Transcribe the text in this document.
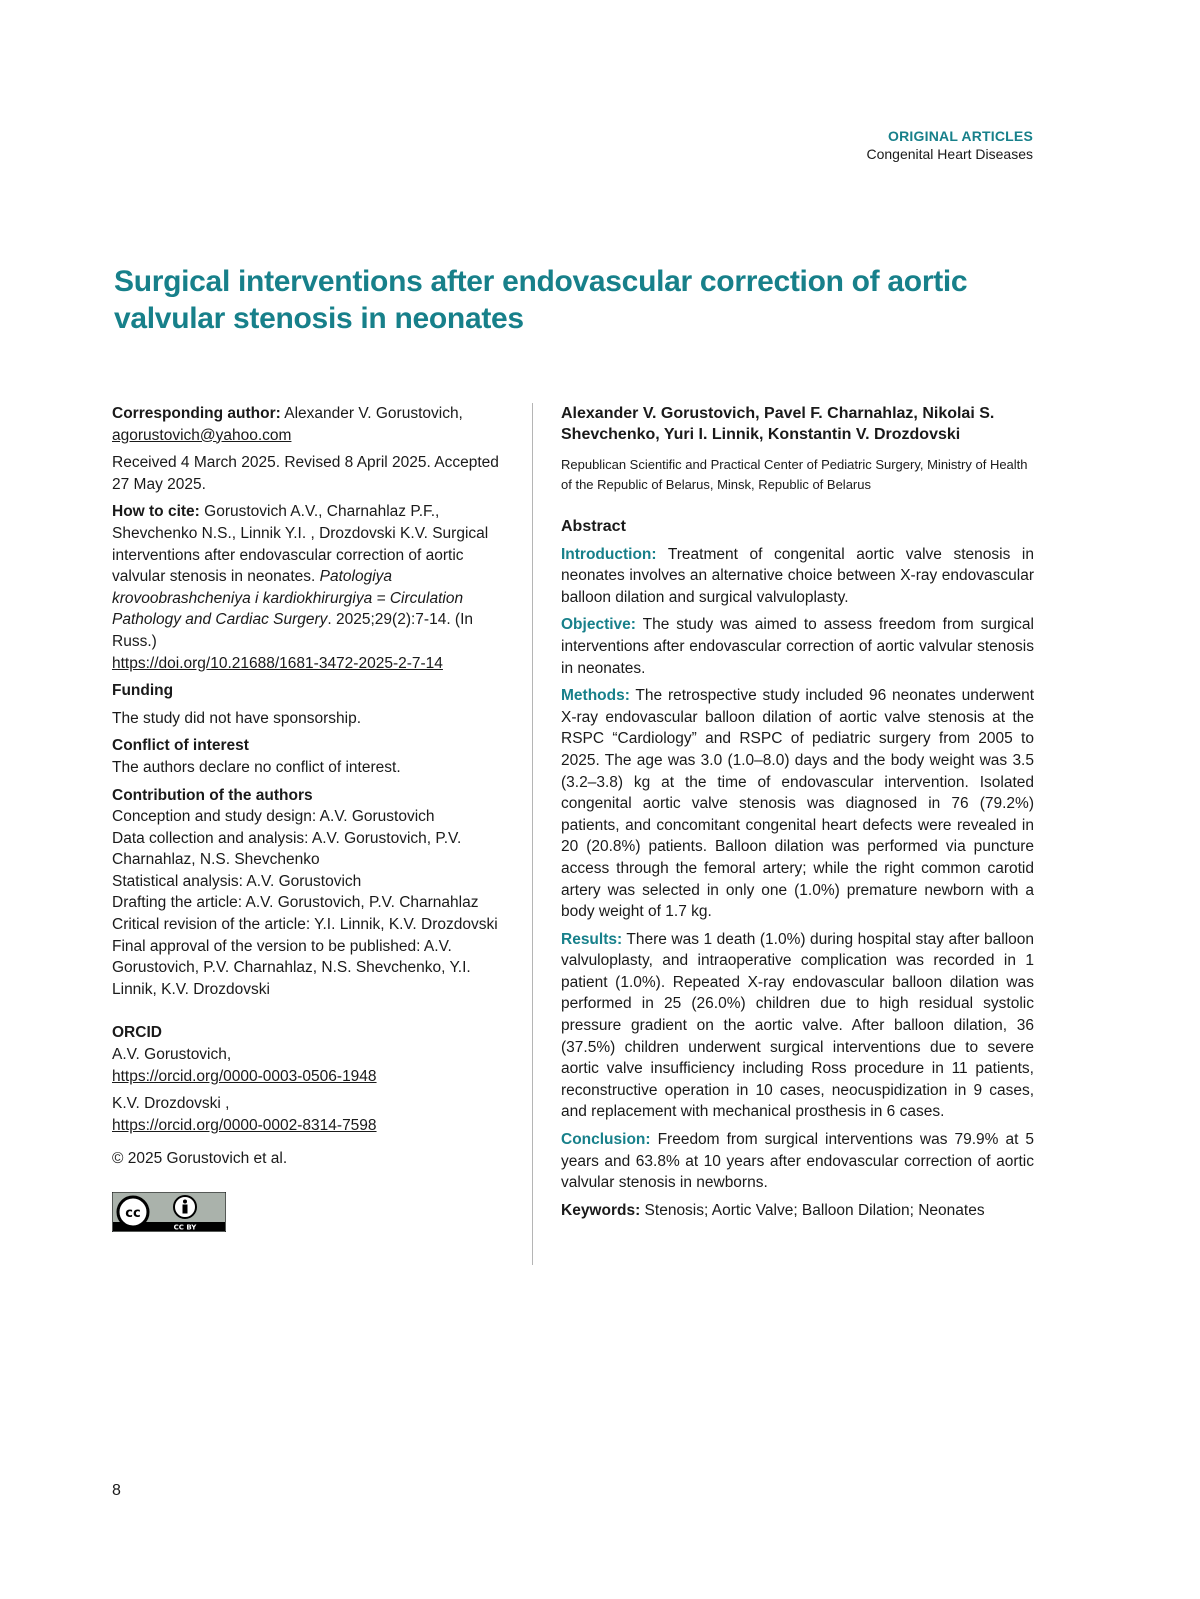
ORIGINAL ARTICLES
Congenital Heart Diseases
Surgical interventions after endovascular correction of aortic valvular stenosis in neonates

Corresponding author: Alexander V. Gorustovich, agorustovich@yahoo.com

Received 4 March 2025. Revised 8 April 2025. Accepted 27 May 2025.

How to cite: Gorustovich A.V., Charnahlaz P.F., Shevchenko N.S., Linnik Y.I. , Drozdovski K.V. Surgical interventions after endovascular correction of aortic valvular stenosis in neonates. Patologiya krovoobrashcheniya i kardiokhirurgiya = Circulation Pathology and Cardiac Surgery. 2025;29(2):7-14. (In Russ.)
https://doi.org/10.21688/1681-3472-2025-2-7-14

Funding

The study did not have sponsorship.

Conflict of interest

The authors declare no conflict of interest.

Contribution of the authors

Conception and study design: A.V. Gorustovich

Data collection and analysis: A.V. Gorustovich, P.V. Charnahlaz, N.S. Shevchenko

Statistical analysis: A.V. Gorustovich

Drafting the article: A.V. Gorustovich, P.V. Charnahlaz

Critical revision of the article: Y.I. Linnik, K.V. Drozdovski

Final approval of the version to be published: A.V. Gorustovich, P.V. Charnahlaz, N.S. Shevchenko, Y.I. Linnik, K.V. Drozdovski

ORCID

A.V. Gorustovich,

https://orcid.org/0000-0003-0506-1948

K.V. Drozdovski ,

https://orcid.org/0000-0002-8314-7598

© 2025 Gorustovich et al.

cc
CC BY
Alexander V. Gorustovich, Pavel F. Charnahlaz, Nikolai S. Shevchenko, Yuri I. Linnik, Konstantin V. Drozdovski
Republican Scientific and Practical Center of Pediatric Surgery, Ministry of Health of the Republic of Belarus, Minsk, Republic of Belarus
Abstract

Introduction: Treatment of congenital aortic valve stenosis in neonates involves an alternative choice between X-ray endovascular balloon dilation and surgical valvuloplasty.

Objective: The study was aimed to assess freedom from surgical interventions after endovascular correction of aortic valvular stenosis in neonates.

Methods: The retrospective study included 96 neonates underwent X-ray endovascular balloon dilation of aortic valve stenosis at the RSPC “Cardiology” and RSPC of pediatric surgery from 2005 to 2025. The age was 3.0 (1.0–8.0) days and the body weight was 3.5 (3.2–3.8) kg at the time of endovascular intervention. Isolated congenital aortic valve stenosis was diagnosed in 76 (79.2%) patients, and concomitant congenital heart defects were revealed in 20 (20.8%) patients. Balloon dilation was performed via puncture access through the femoral artery; while the right common carotid artery was selected in only one (1.0%) premature newborn with a body weight of 1.7 kg.

Results: There was 1 death (1.0%) during hospital stay after balloon valvuloplasty, and intraoperative complication was recorded in 1 patient (1.0%). Repeated X-ray endovascular balloon dilation was performed in 25 (26.0%) children due to high residual systolic pressure gradient on the aortic valve. After balloon dilation, 36 (37.5%) children underwent surgical interventions due to severe aortic valve insufficiency including Ross procedure in 11 patients, reconstructive operation in 10 cases, neocuspidization in 9 cases, and replacement with mechanical prosthesis in 6 cases.

Conclusion: Freedom from surgical interventions was 79.9% at 5 years and 63.8% at 10 years after endovascular correction of aortic valvular stenosis in newborns.

Keywords: Stenosis; Aortic Valve; Balloon Dilation; Neonates

8
